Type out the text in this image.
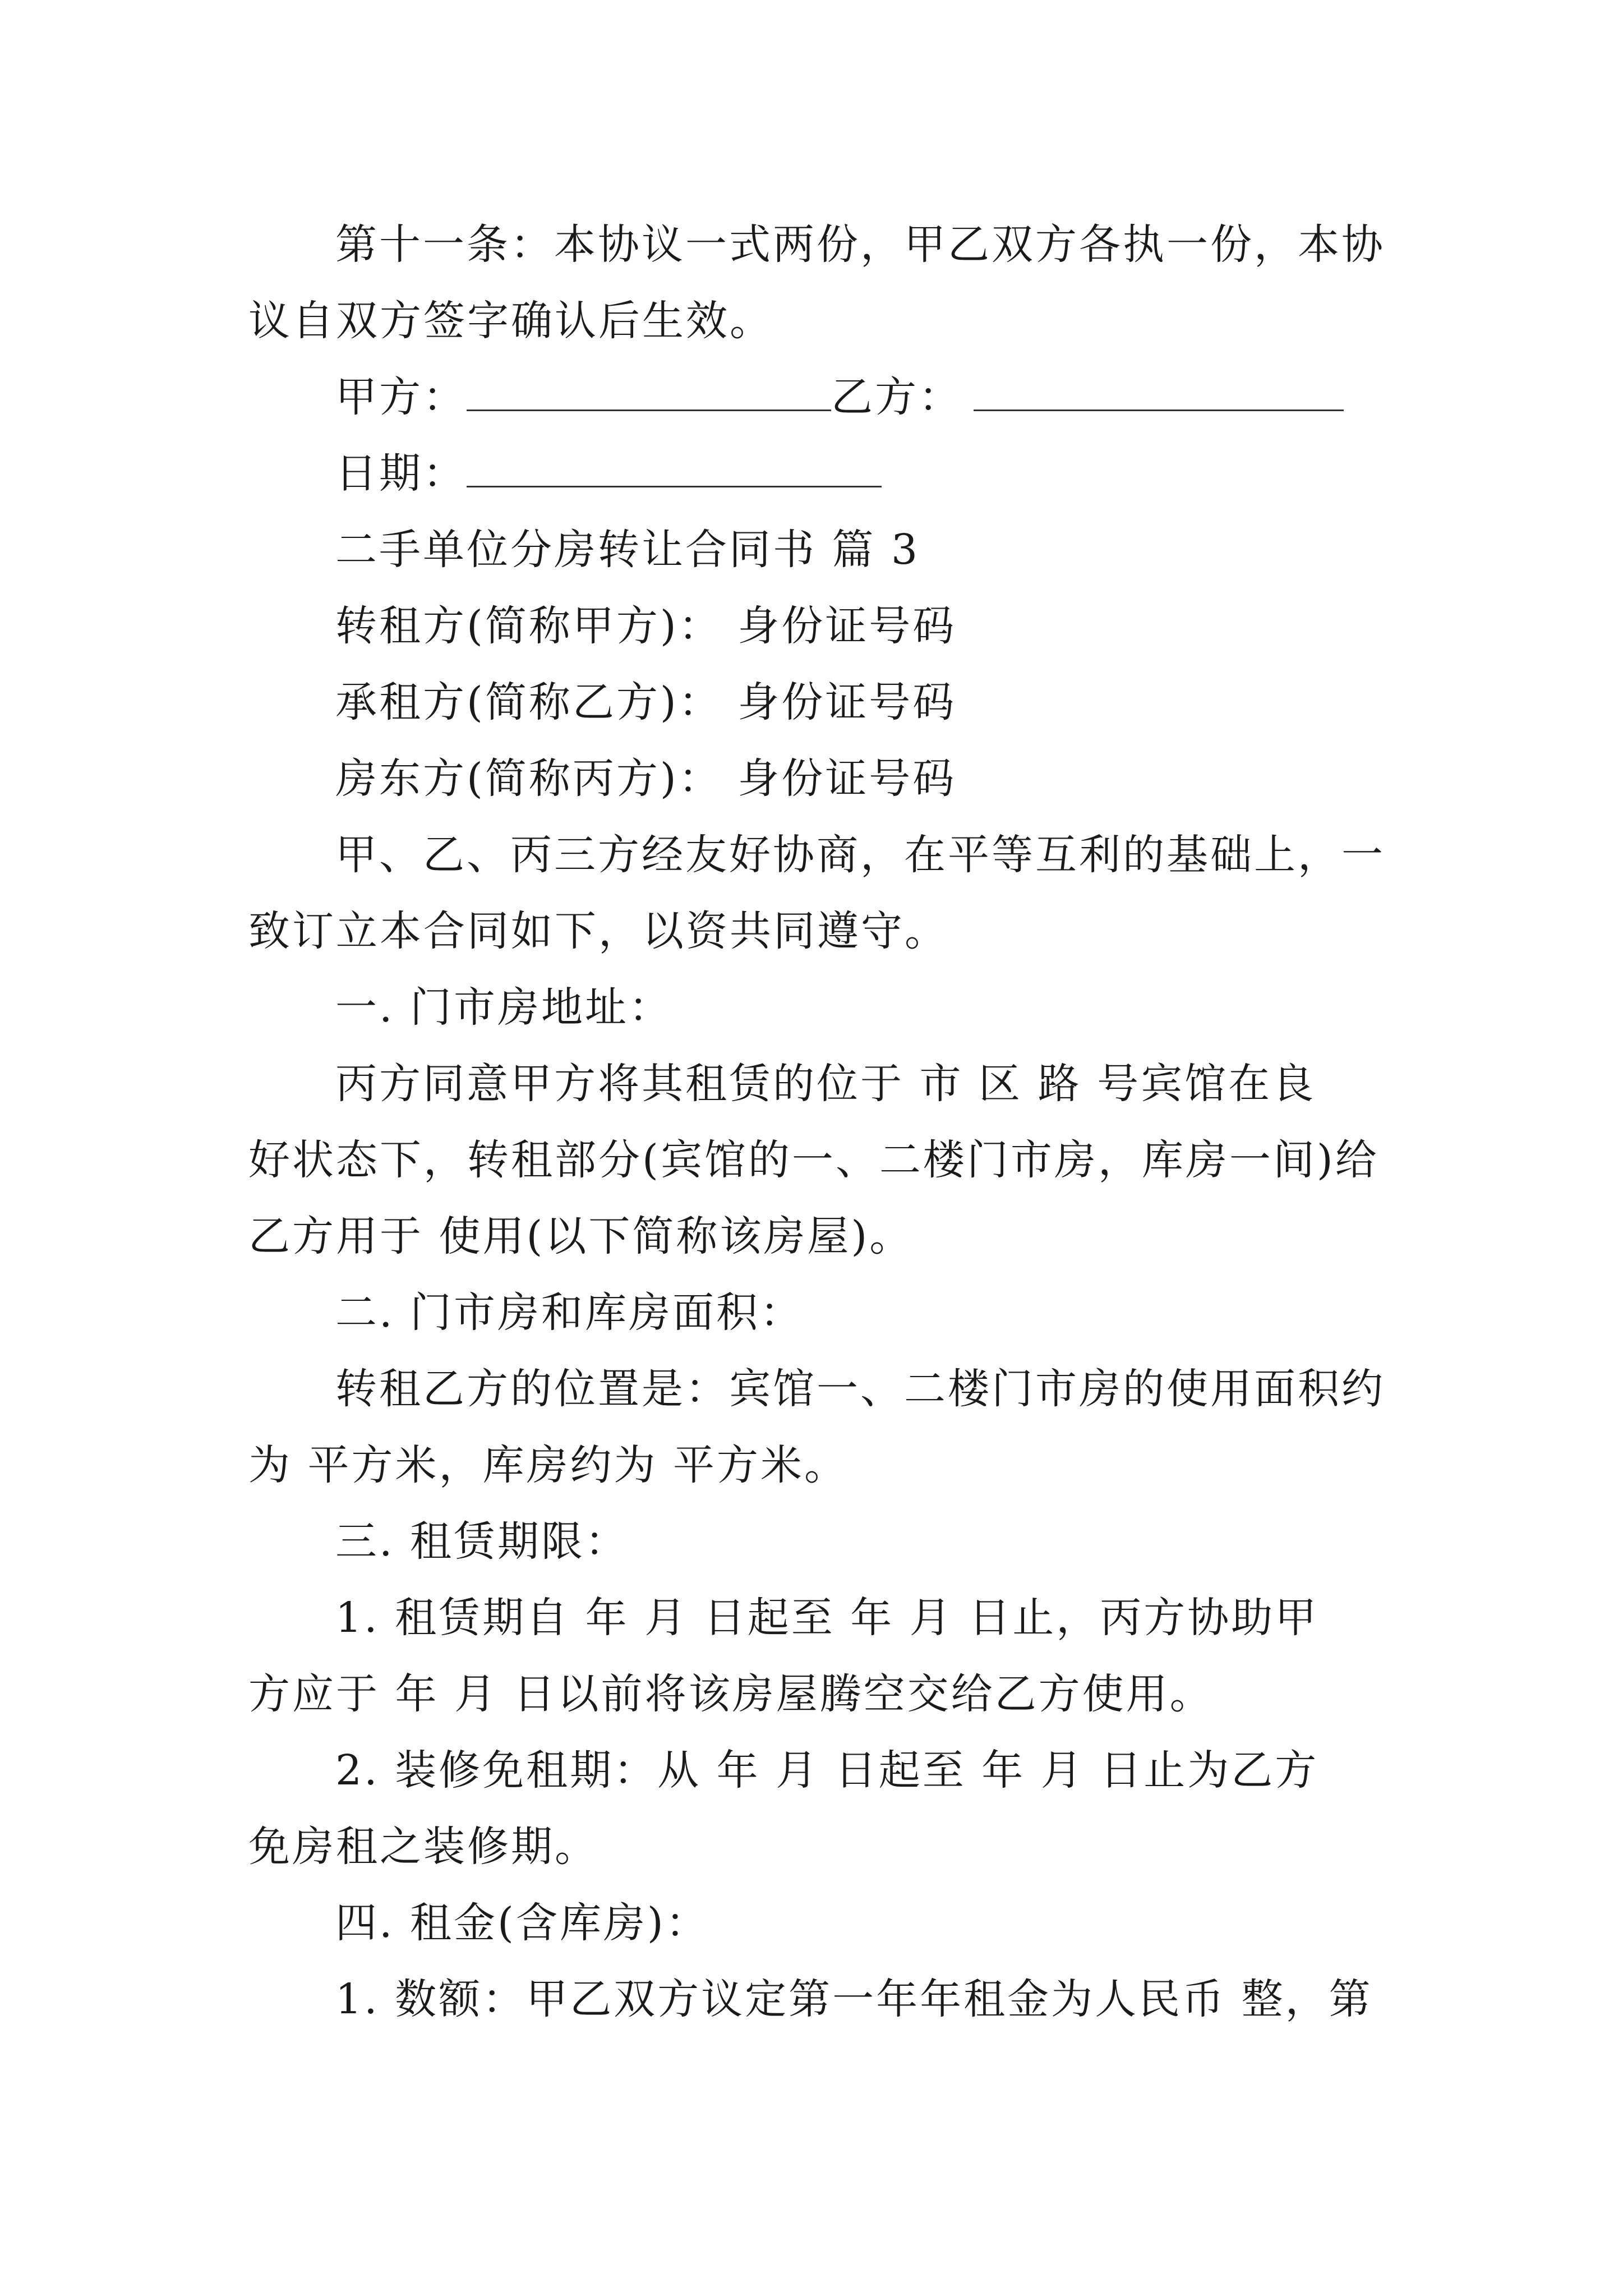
第十一条：本协议一式两份，甲乙双方各执一份，本协
议自双方签字确认后生效。
甲方：	乙方：
日期：
二手单位分房转让合同书 篇 3
转租方(简称甲方)： 身份证号码
承租方(简称乙方)： 身份证号码
房东方(简称丙方)： 身份证号码
甲、乙、丙三方经友好协商，在平等互利的基础上，一
致订立本合同如下，以资共同遵守。
一. 门市房地址：
丙方同意甲方将其租赁的位于 市 区 路 号宾馆在良
好状态下，转租部分(宾馆的一、二楼门市房，库房一间)给
乙方用于 使用(以下简称该房屋)。
二. 门市房和库房面积：
转租乙方的位置是：宾馆一、二楼门市房的使用面积约
为 平方米，库房约为 平方米。
三. 租赁期限：
1. 租赁期自 年 月 日起至 年 月 日止，丙方协助甲
方应于 年 月 日以前将该房屋腾空交给乙方使用。
2. 装修免租期：从 年 月 日起至 年 月 日止为乙方
免房租之装修期。
四. 租金(含库房)：
1. 数额：甲乙双方议定第一年年租金为人民币 整，第
